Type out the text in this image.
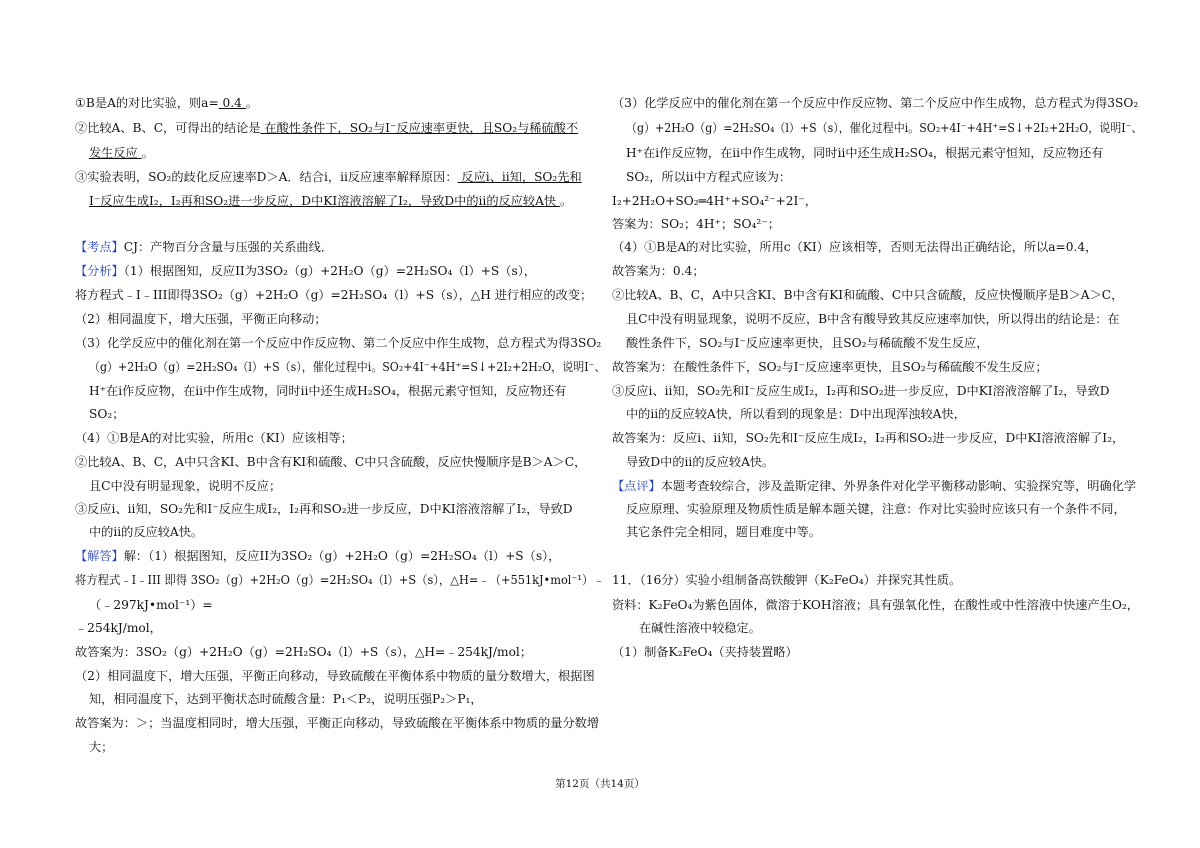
①B是A的对比实验，则a= 0.4 。
②比较A、B、C，可得出的结论是 在酸性条件下，SO₂与I⁻反应速率更快，且SO₂与稀硫酸不
发生反应 。
③实验表明，SO₂的歧化反应速率D＞A．结合i，ii反应速率解释原因： 反应i、ii知，SO₂先和
I⁻反应生成I₂，I₂再和SO₂进一步反应，D中KI溶液溶解了I₂，导致D中的ii的反应较A快 。
【考点】CJ：产物百分含量与压强的关系曲线．
【分析】（1）根据图知，反应II为3SO₂（g）+2H₂O（g）=2H₂SO₄（l）+S（s），
将方程式﹣I﹣III即得3SO₂（g）+2H₂O（g）=2H₂SO₄（l）+S（s），△H 进行相应的改变；
（2）相同温度下，增大压强，平衡正向移动；
（3）化学反应中的催化剂在第一个反应中作反应物、第二个反应中作生成物，总方程式为得3SO₂
（g）+2H₂O（g）=2H₂SO₄（l）+S（s），催化过程中i。SO₂+4I⁻+4H⁺=S↓+2I₂+2H₂O，说明I⁻、
H⁺在i作反应物，在ii中作生成物，同时ii中还生成H₂SO₄，根据元素守恒知，反应物还有
SO₂；
（4）①B是A的对比实验，所用c（KI）应该相等；
②比较A、B、C，A中只含KI、B中含有KI和硫酸、C中只含硫酸，反应快慢顺序是B＞A＞C，
且C中没有明显现象，说明不反应；
③反应i、ii知，SO₂先和I⁻反应生成I₂，I₂再和SO₂进一步反应，D中KI溶液溶解了I₂，导致D
中的ii的反应较A快。
【解答】解：（1）根据图知，反应II为3SO₂（g）+2H₂O（g）=2H₂SO₄（l）+S（s），
将方程式﹣I﹣III 即得 3SO₂（g）+2H₂O（g）=2H₂SO₄（l）+S（s），△H=﹣（+551kJ•mol⁻¹）﹣
（﹣297kJ•mol⁻¹）=
﹣254kJ/mol，
故答案为：3SO₂（g）+2H₂O（g）=2H₂SO₄（l）+S（s），△H=﹣254kJ/mol；
（2）相同温度下，增大压强，平衡正向移动，导致硫酸在平衡体系中物质的量分数增大，根据图
知，相同温度下，达到平衡状态时硫酸含量：P₁＜P₂，说明压强P₂＞P₁，
故答案为：＞；当温度相同时，增大压强，平衡正向移动，导致硫酸在平衡体系中物质的量分数增
大；
（3）化学反应中的催化剂在第一个反应中作反应物、第二个反应中作生成物，总方程式为得3SO₂
（g）+2H₂O（g）=2H₂SO₄（l）+S（s），催化过程中i。SO₂+4I⁻+4H⁺=S↓+2I₂+2H₂O，说明I⁻、
H⁺在i作反应物，在ii中作生成物，同时ii中还生成H₂SO₄，根据元素守恒知，反应物还有
SO₂，所以ii中方程式应该为：
I₂+2H₂O+SO₂═4H⁺+SO₄²⁻+2I⁻，
答案为：SO₂；4H⁺；SO₄²⁻；
（4）①B是A的对比实验，所用c（KI）应该相等，否则无法得出正确结论，所以a=0.4，
故答案为：0.4；
②比较A、B、C，A中只含KI、B中含有KI和硫酸、C中只含硫酸，反应快慢顺序是B＞A＞C，
且C中没有明显现象，说明不反应，B中含有酸导致其反应速率加快，所以得出的结论是：在
酸性条件下，SO₂与I⁻反应速率更快，且SO₂与稀硫酸不发生反应，
故答案为：在酸性条件下，SO₂与I⁻反应速率更快，且SO₂与稀硫酸不发生反应；
③反应i、ii知，SO₂先和I⁻反应生成I₂，I₂再和SO₂进一步反应，D中KI溶液溶解了I₂，导致D
中的ii的反应较A快，所以看到的现象是：D中出现浑浊较A快，
故答案为：反应i、ii知，SO₂先和I⁻反应生成I₂，I₂再和SO₂进一步反应，D中KI溶液溶解了I₂，
导致D中的ii的反应较A快。
【点评】本题考查较综合，涉及盖斯定律、外界条件对化学平衡移动影响、实验探究等，明确化学
反应原理、实验原理及物质性质是解本题关键，注意：作对比实验时应该只有一个条件不同，
其它条件完全相同，题目难度中等。
11．（16分）实验小组制备高铁酸钾（K₂FeO₄）并探究其性质。
资料：K₂FeO₄为紫色固体，微溶于KOH溶液；具有强氧化性，在酸性或中性溶液中快速产生O₂，
在碱性溶液中较稳定。
（1）制备K₂FeO₄（夹持装置略）
第12页（共14页）
